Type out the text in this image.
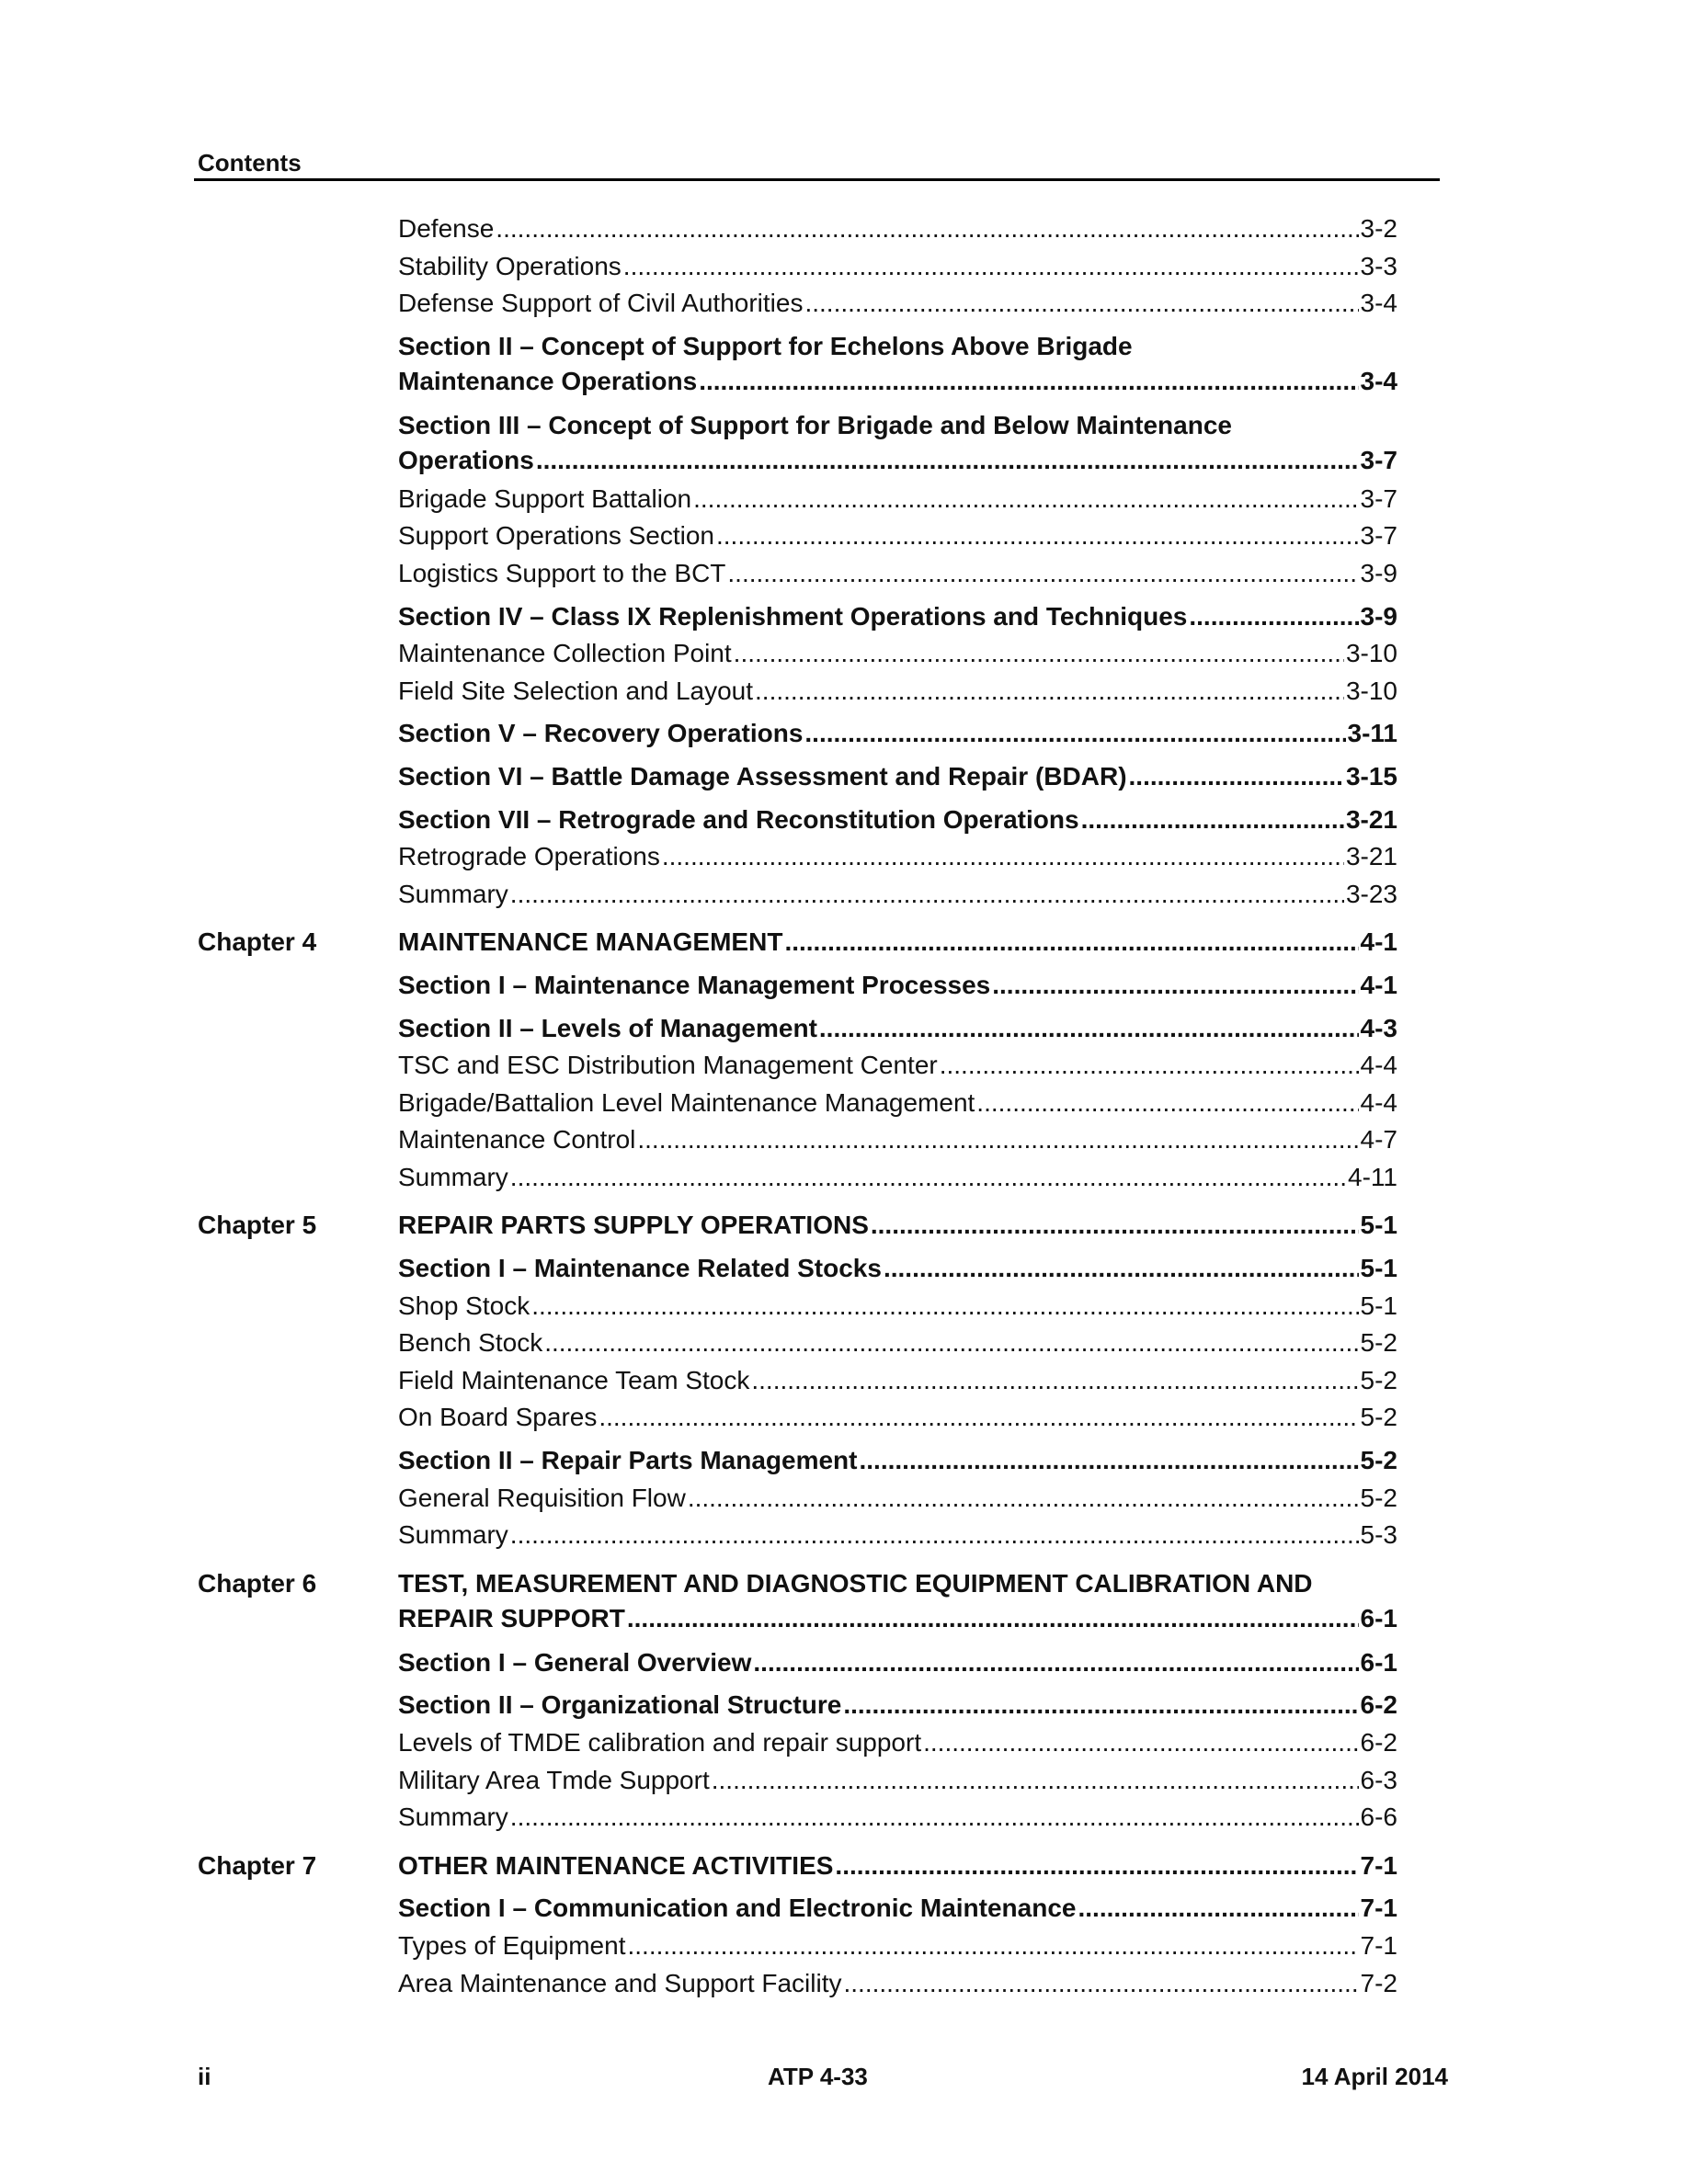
Contents
Defense .....	3-2
Stability Operations .....	3-3
Defense Support of Civil Authorities .....	3-4
Section II – Concept of Support for Echelons Above Brigade
Maintenance Operations .....	3-4
Section III – Concept of Support for Brigade and Below Maintenance
Operations .....	3-7
Brigade Support Battalion .....	3-7
Support Operations Section .....	3-7
Logistics Support to the BCT .....	3-9
Section IV – Class IX Replenishment Operations and Techniques .....	3-9
Maintenance Collection Point .....	3-10
Field Site Selection and Layout .....	3-10
Section V – Recovery Operations .....	3-11
Section VI – Battle Damage Assessment and Repair (BDAR) .....	3-15
Section VII – Retrograde and Reconstitution Operations .....	3-21
Retrograde Operations .....	3-21
Summary .....	3-23
Chapter 4	MAINTENANCE MANAGEMENT .....	4-1
Section I – Maintenance Management Processes .....	4-1
Section II – Levels of Management .....	4-3
TSC and ESC Distribution Management Center .....	4-4
Brigade/Battalion Level Maintenance Management .....	4-4
Maintenance Control .....	4-7
Summary .....	4-11
Chapter 5	REPAIR PARTS SUPPLY OPERATIONS .....	5-1
Section I – Maintenance Related Stocks .....	5-1
Shop Stock .....	5-1
Bench Stock .....	5-2
Field Maintenance Team Stock .....	5-2
On Board Spares .....	5-2
Section II – Repair Parts Management .....	5-2
General Requisition Flow .....	5-2
Summary .....	5-3
Chapter 6	TEST, MEASUREMENT AND DIAGNOSTIC EQUIPMENT CALIBRATION AND
REPAIR SUPPORT .....	6-1
Section I – General Overview .....	6-1
Section II – Organizational Structure .....	6-2
Levels of TMDE calibration and repair support .....	6-2
Military Area Tmde Support .....	6-3
Summary .....	6-6
Chapter 7	OTHER MAINTENANCE ACTIVITIES .....	7-1
Section I – Communication and Electronic Maintenance .....	7-1
Types of Equipment .....	7-1
Area Maintenance and Support Facility .....	7-2
ii	ATP 4-33	14 April 2014
